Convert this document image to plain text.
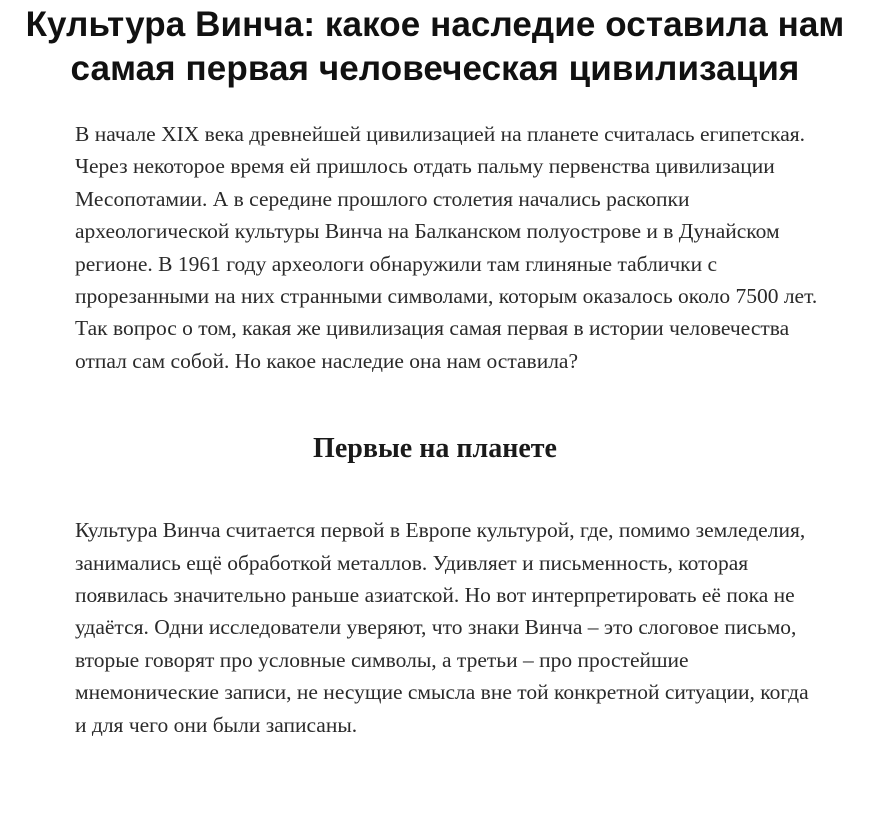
Культура Винча: какое наследие оставила нам самая первая человеческая цивилизация

В начале XIX века древнейшей цивилизацией на планете считалась египетская. Через некоторое время ей пришлось отдать пальму первенства цивилизации Месопотамии. А в середине прошлого столетия начались раскопки археологической культуры Винча на Балканском полуострове и в Дунайском регионе. В 1961 году археологи обнаружили там глиняные таблички с прорезанными на них странными символами, которым оказалось около 7500 лет. Так вопрос о том, какая же цивилизация самая первая в истории человечества отпал сам собой. Но какое наследие она нам оставила?

Первые на планете

Культура Винча считается первой в Европе культурой, где, помимо земледелия, занимались ещё обработкой металлов. Удивляет и письменность, которая появилась значительно раньше азиатской. Но вот интерпретировать её пока не удаётся. Одни исследователи уверяют, что знаки Винча – это слоговое письмо, вторые говорят про условные символы, а третьи – про простейшие мнемонические записи, не несущие смысла вне той конкретной ситуации, когда и для чего они были записаны.
